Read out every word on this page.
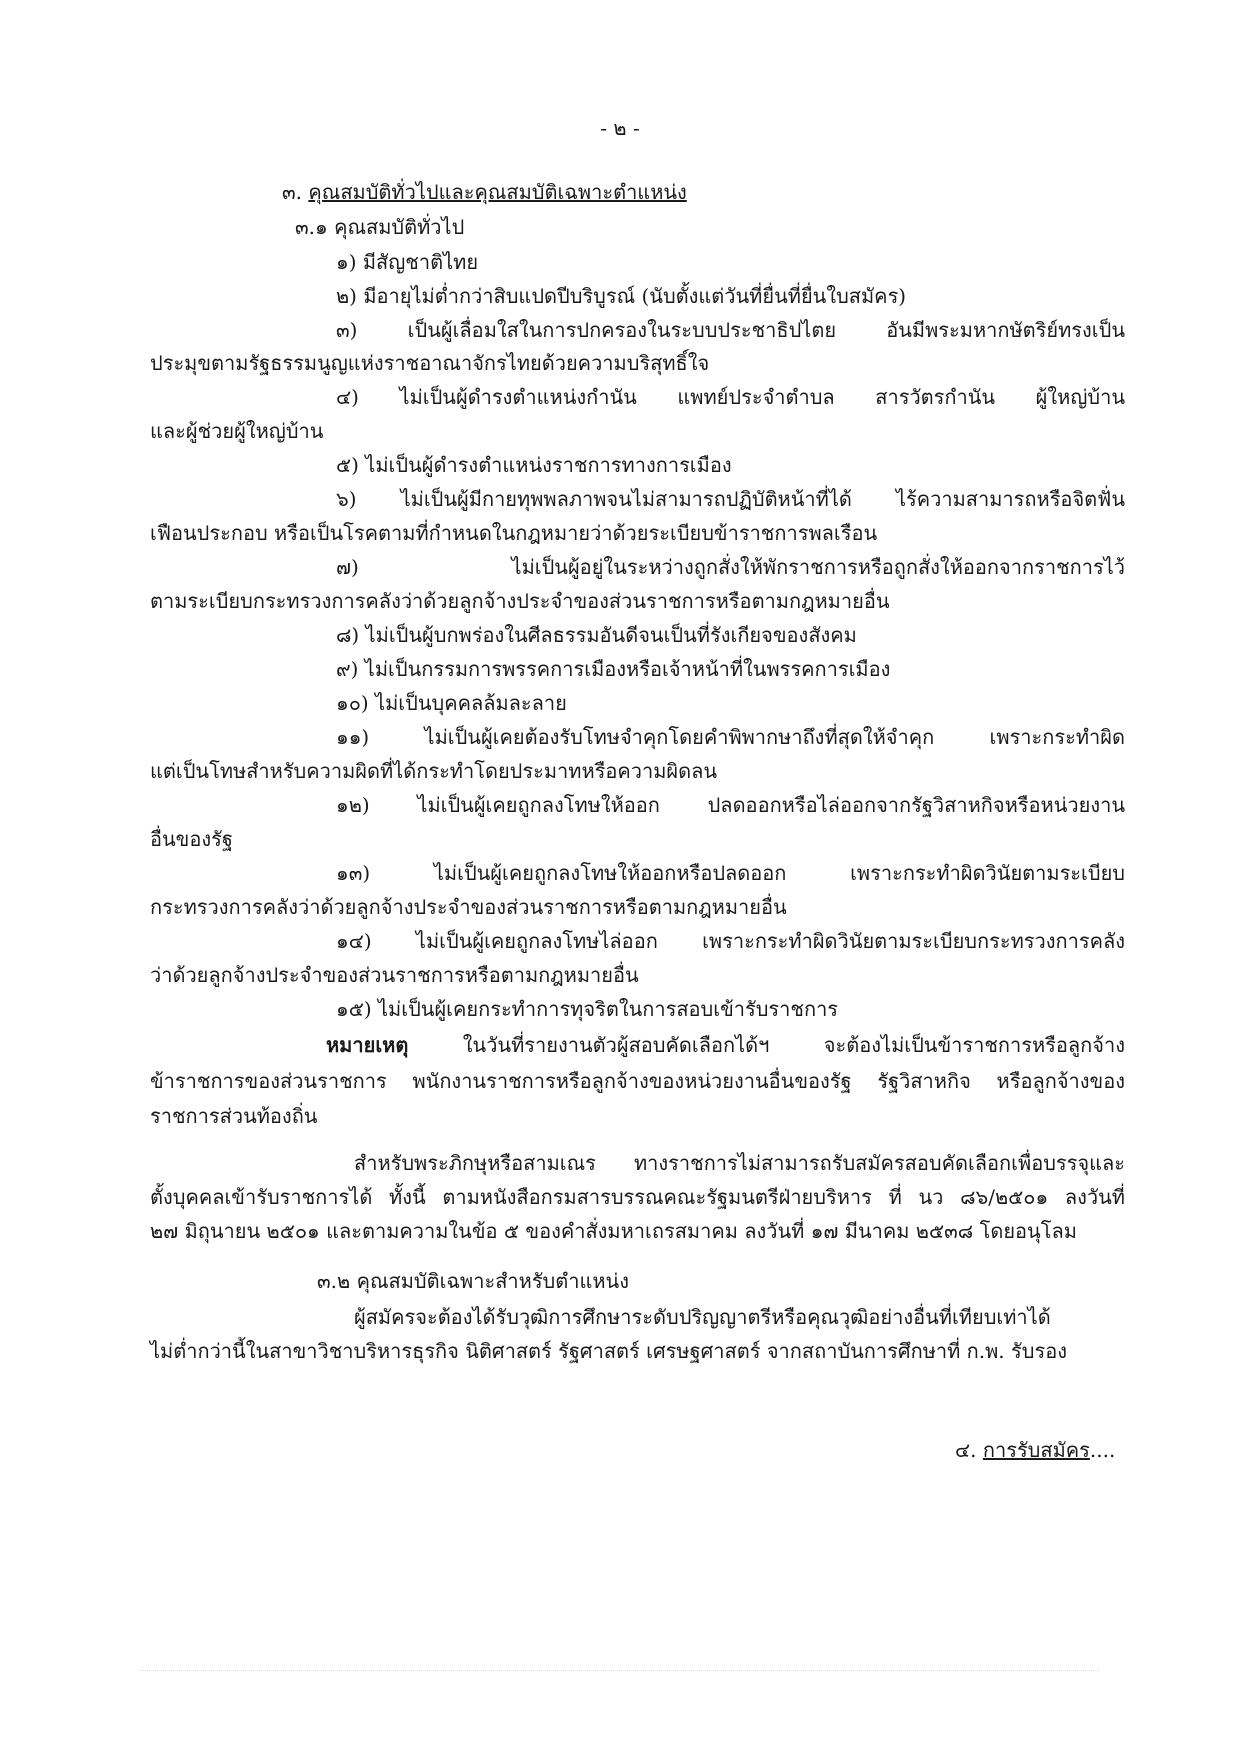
- ๒ -
๓. คุณสมบัติทั่วไปและคุณสมบัติเฉพาะตำแหน่ง
๓.๑ คุณสมบัติทั่วไป
๑) มีสัญชาติไทย
๒) มีอายุไม่ต่ำกว่าสิบแปดปีบริบูรณ์ (นับตั้งแต่วันที่ยื่นที่ยื่นใบสมัคร)
๓) เป็นผู้เลื่อมใสในการปกครองในระบบประชาธิปไตย อันมีพระมหากษัตริย์ทรงเป็น
ประมุขตามรัฐธรรมนูญแห่งราชอาณาจักรไทยด้วยความบริสุทธิ์ใจ
๔) ไม่เป็นผู้ดำรงตำแหน่งกำนัน แพทย์ประจำตำบล สารวัตรกำนัน ผู้ใหญ่บ้าน
และผู้ช่วยผู้ใหญ่บ้าน
๕) ไม่เป็นผู้ดำรงตำแหน่งราชการทางการเมือง
๖) ไม่เป็นผู้มีกายทุพพลภาพจนไม่สามารถปฏิบัติหน้าที่ได้ ไร้ความสามารถหรือจิตฟั่น
เฟือนประกอบ หรือเป็นโรคตามที่กำหนดในกฎหมายว่าด้วยระเบียบข้าราชการพลเรือน
๗) ไม่เป็นผู้อยู่ในระหว่างถูกสั่งให้พักราชการหรือถูกสั่งให้ออกจากราชการไว้
ตามระเบียบกระทรวงการคลังว่าด้วยลูกจ้างประจำของส่วนราชการหรือตามกฎหมายอื่น
๘) ไม่เป็นผู้บกพร่องในศีลธรรมอันดีจนเป็นที่รังเกียจของสังคม
๙) ไม่เป็นกรรมการพรรคการเมืองหรือเจ้าหน้าที่ในพรรคการเมือง
๑๐) ไม่เป็นบุคคลล้มละลาย
๑๑) ไม่เป็นผู้เคยต้องรับโทษจำคุกโดยคำพิพากษาถึงที่สุดให้จำคุก เพราะกระทำผิด
แต่เป็นโทษสำหรับความผิดที่ได้กระทำโดยประมาทหรือความผิดลน
๑๒) ไม่เป็นผู้เคยถูกลงโทษให้ออก ปลดออกหรือไล่ออกจากรัฐวิสาหกิจหรือหน่วยงาน
อื่นของรัฐ
๑๓) ไม่เป็นผู้เคยถูกลงโทษให้ออกหรือปลดออก เพราะกระทำผิดวินัยตามระเบียบ
กระทรวงการคลังว่าด้วยลูกจ้างประจำของส่วนราชการหรือตามกฎหมายอื่น
๑๔) ไม่เป็นผู้เคยถูกลงโทษไล่ออก เพราะกระทำผิดวินัยตามระเบียบกระทรวงการคลัง
ว่าด้วยลูกจ้างประจำของส่วนราชการหรือตามกฎหมายอื่น
๑๕) ไม่เป็นผู้เคยกระทำการทุจริตในการสอบเข้ารับราชการ
หมายเหตุ	ในวันที่รายงานตัวผู้สอบคัดเลือกได้ฯ จะต้องไม่เป็นข้าราชการหรือลูกจ้าง
ข้าราชการของส่วนราชการ พนักงานราชการหรือลูกจ้างของหน่วยงานอื่นของรัฐ รัฐวิสาหกิจ หรือลูกจ้างของ
ราชการส่วนท้องถิ่น
สำหรับพระภิกษุหรือสามเณร ทางราชการไม่สามารถรับสมัครสอบคัดเลือกเพื่อบรรจุและ
ตั้งบุคคลเข้ารับราชการได้ ทั้งนี้ ตามหนังสือกรมสารบรรณคณะรัฐมนตรีฝ่ายบริหาร ที่ นว ๘๖/๒๕๐๑ ลงวันที่
๒๗ มิถุนายน ๒๕๐๑ และตามความในข้อ ๕ ของคำสั่งมหาเถรสมาคม ลงวันที่ ๑๗ มีนาคม ๒๕๓๘ โดยอนุโลม
๓.๒ คุณสมบัติเฉพาะสำหรับตำแหน่ง
ผู้สมัครจะต้องได้รับวุฒิการศึกษาระดับปริญญาตรีหรือคุณวุฒิอย่างอื่นที่เทียบเท่าได้
ไม่ต่ำกว่านี้ในสาขาวิชาบริหารธุรกิจ นิติศาสตร์ รัฐศาสตร์ เศรษฐศาสตร์ จากสถาบันการศึกษาที่ ก.พ. รับรอง
๔. การรับสมัคร....
